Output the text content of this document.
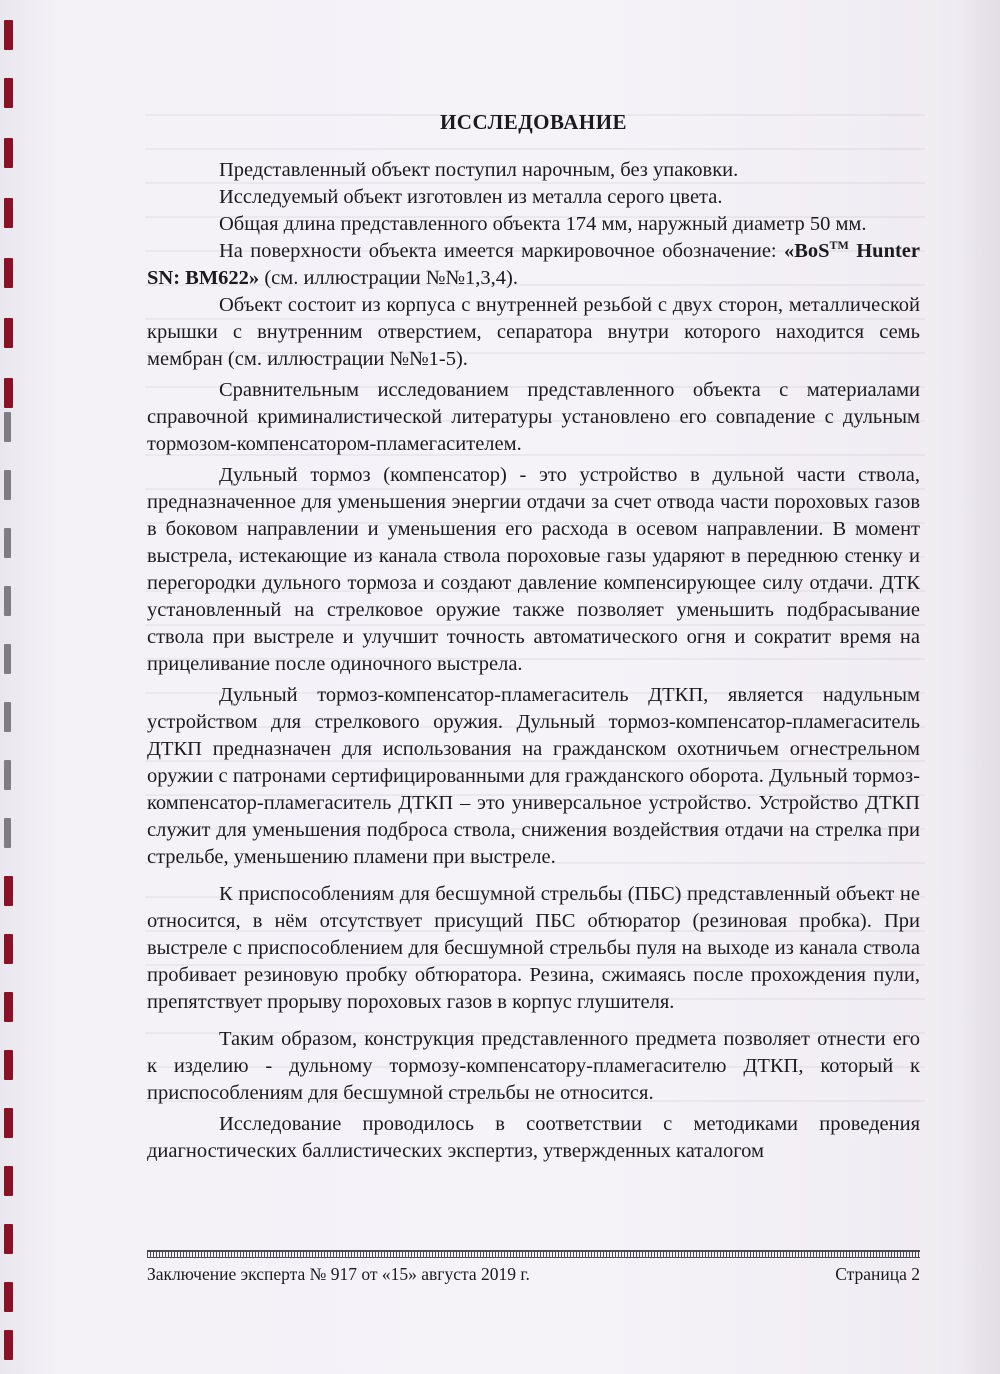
ИССЛЕДОВАНИЕ

Представленный объект поступил нарочным, без упаковки.

Исследуемый объект изготовлен из металла серого цвета.

Общая длина представленного объекта 174 мм, наружный диаметр 50 мм.

На поверхности объекта имеется маркировочное обозначение: «BoS™ Hunter SN: BM622» (см. иллюстрации №№1,3,4).

Объект состоит из корпуса с внутренней резьбой с двух сторон, металлической крышки с внутренним отверстием, сепаратора внутри которого находится семь мембран (см. иллюстрации №№1-5).

Сравнительным исследованием представленного объекта с материалами справочной криминалистической литературы установлено его совпадение с дульным тормозом-компенсатором-пламегасителем.

Дульный тормоз (компенсатор) - это устройство в дульной части ствола, предназначенное для уменьшения энергии отдачи за счет отвода части пороховых газов в боковом направлении и уменьшения его расхода в осевом направлении. В момент выстрела, истекающие из канала ствола пороховые газы ударяют в переднюю стенку и перегородки дульного тормоза и создают давление компенсирующее силу отдачи. ДТК установленный на стрелковое оружие также позволяет уменьшить подбрасывание ствола при выстреле и улучшит точность автоматического огня и сократит время на прицеливание после одиночного выстрела.

Дульный тормоз-компенсатор-пламегаситель ДТКП, является надульным устройством для стрелкового оружия. Дульный тормоз-компенсатор-пламегаситель ДТКП предназначен для использования на гражданском охотничьем огнестрельном оружии с патронами сертифицированными для гражданского оборота. Дульный тормоз-компенсатор-пламегаситель ДТКП – это универсальное устройство. Устройство ДТКП служит для уменьшения подброса ствола, снижения воздействия отдачи на стрелка при стрельбе, уменьшению пламени при выстреле.

К приспособлениям для бесшумной стрельбы (ПБС) представленный объект не относится, в нём отсутствует присущий ПБС обтюратор (резиновая пробка). При выстреле с приспособлением для бесшумной стрельбы пуля на выходе из канала ствола пробивает резиновую пробку обтюратора. Резина, сжимаясь после прохождения пули, препятствует прорыву пороховых газов в корпус глушителя.

Таким образом, конструкция представленного предмета позволяет отнести его к изделию - дульному тормозу-компенсатору-пламегасителю ДТКП, который к приспособлениям для бесшумной стрельбы не относится.

Исследование проводилось в соответствии с методиками проведения диагностических баллистических экспертиз, утвержденных каталогом

Заключение эксперта № 917 от «15» августа 2019 г.	Страница 2
